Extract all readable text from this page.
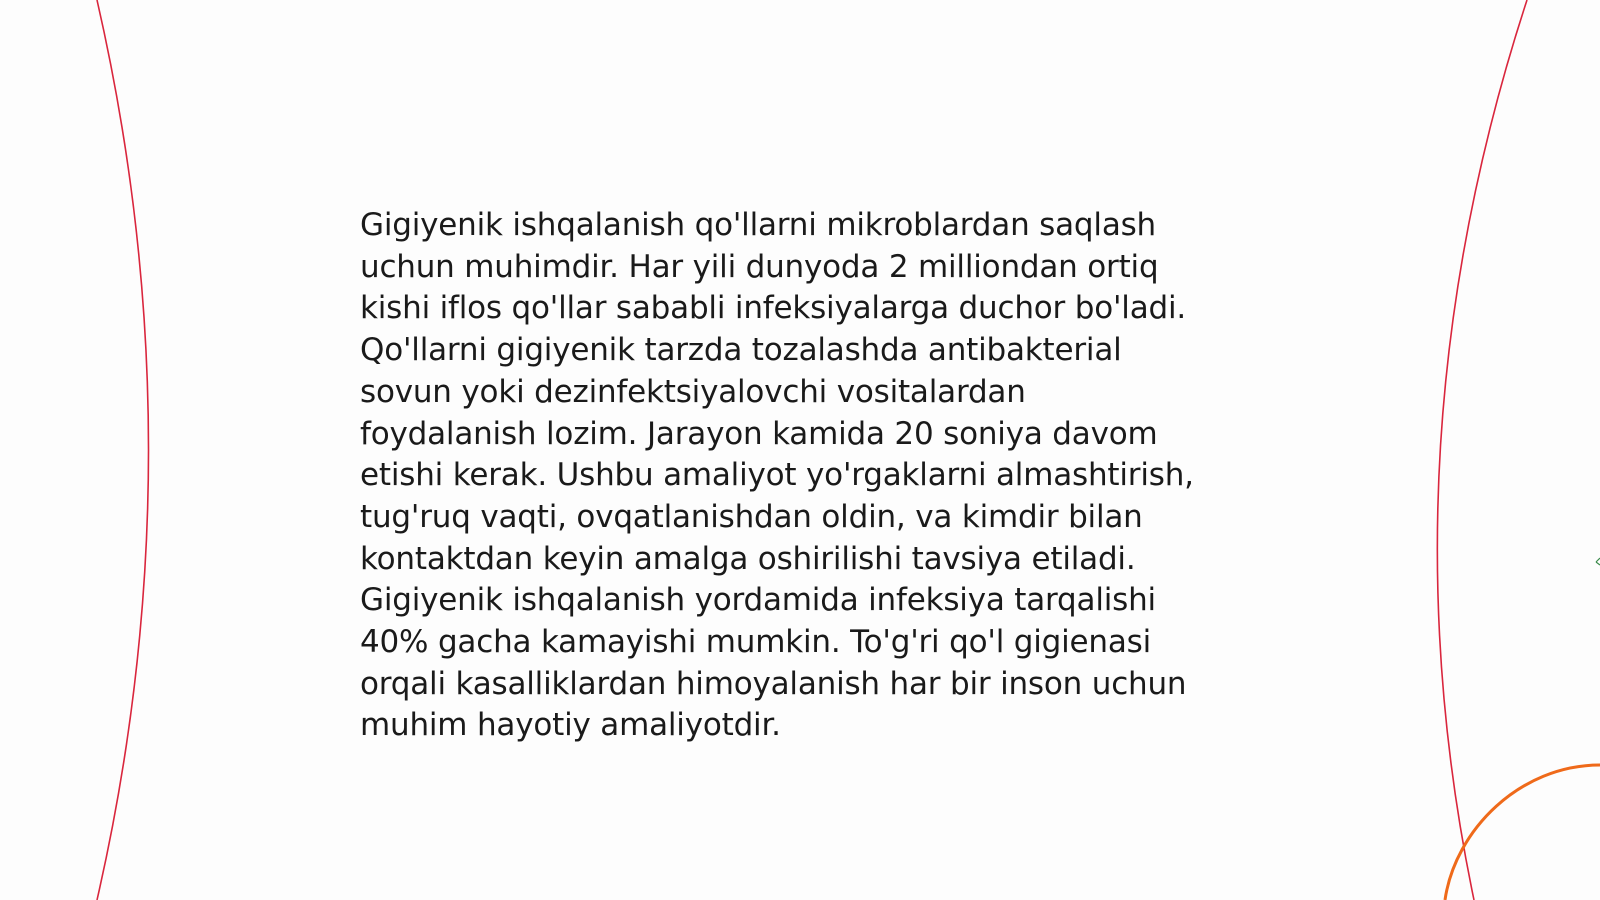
Gigiyenik ishqalanish qo'llarni mikroblardan saqlash
uchun muhimdir. Har yili dunyoda 2 milliondan ortiq
kishi iflos qo'llar sababli infeksiyalarga duchor bo'ladi.
Qo'llarni gigiyenik tarzda tozalashda antibakterial
sovun yoki dezinfektsiyalovchi vositalardan
foydalanish lozim. Jarayon kamida 20 soniya davom
etishi kerak. Ushbu amaliyot yo'rgaklarni almashtirish,
tug'ruq vaqti, ovqatlanishdan oldin, va kimdir bilan
kontaktdan keyin amalga oshirilishi tavsiya etiladi.
Gigiyenik ishqalanish yordamida infeksiya tarqalishi
40% gacha kamayishi mumkin. To'g'ri qo'l gigienasi
orqali kasalliklardan himoyalanish har bir inson uchun
muhim hayotiy amaliyotdir.
